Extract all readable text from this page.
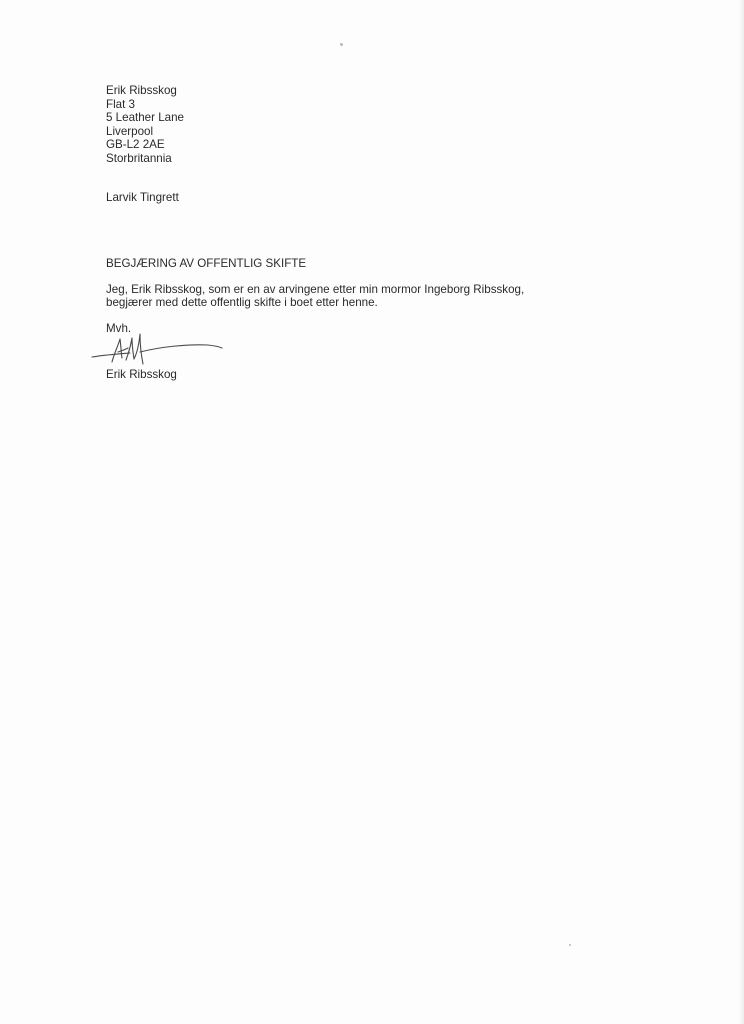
Erik Ribsskog
Flat 3
5 Leather Lane
Liverpool
GB-L2 2AE
Storbritannia
Larvik Tingrett
BEGJÆRING AV OFFENTLIG SKIFTE
Jeg, Erik Ribsskog, som er en av arvingene etter min mormor Ingeborg Ribsskog,
begjærer med dette offentlig skifte i boet etter henne.
Mvh.
Erik Ribsskog
